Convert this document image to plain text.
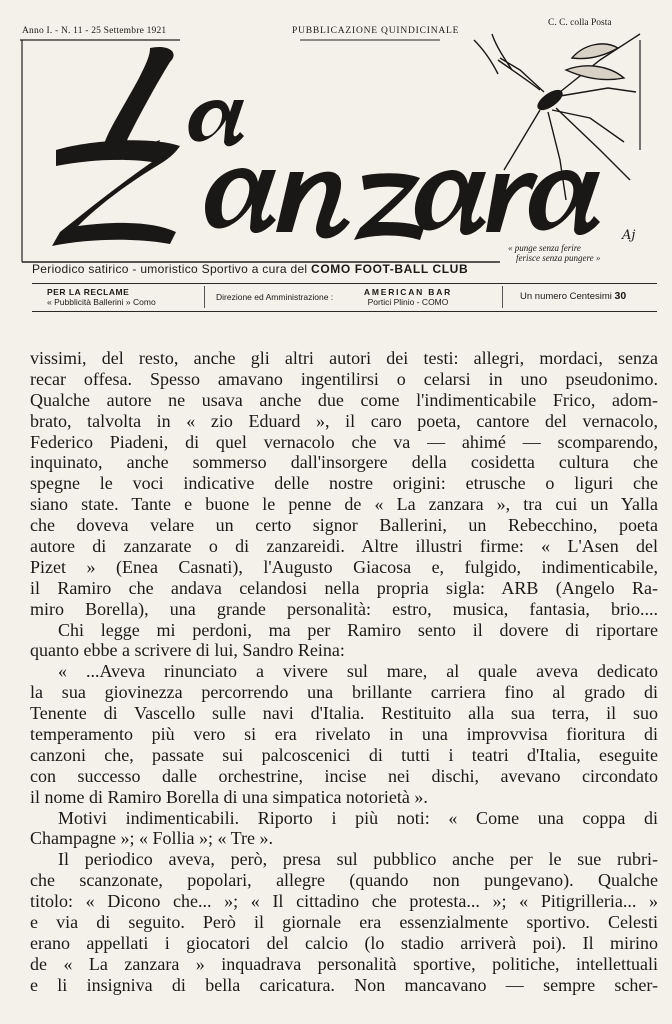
Anno I. - N. 11 - 25 Settembre 1921	PUBBLICAZIONE QUINDICINALE
C. C. colla Posta
Aj
« punge senza ferire
ferisce senza pungere »
Periodico satirico - umoristico Sportivo a cura del COMO FOOT-BALL CLUB
PER LA RECLAME
« Pubblicità Ballerini » Como	Direzione ed Amministrazione :	AMERICAN BAR
Portici Plinio - COMO	Un numero Centesimi 30

vissimi, del resto, anche gli altri autori dei testi: allegri, mordaci, senza
recar offesa. Spesso amavano ingentilirsi o celarsi in uno pseudonimo.
Qualche autore ne usava anche due come l'indimenticabile Frico, adom-
brato, talvolta in « zio Eduard », il caro poeta, cantore del vernacolo,
Federico Piadeni, di quel vernacolo che va — ahimé — scomparendo,
inquinato, anche sommerso dall'insorgere della cosidetta cultura che
spegne le voci indicative delle nostre origini: etrusche o liguri che
siano state. Tante e buone le penne de « La zanzara », tra cui un Yalla
che doveva velare un certo signor Ballerini, un Rebecchino, poeta
autore di zanzarate o di zanzareidi. Altre illustri firme: « L'Asen del
Pizet » (Enea Casnati), l'Augusto Giacosa e, fulgido, indimenticabile,
il Ramiro che andava celandosi nella propria sigla: ARB (Angelo Ra-
miro Borella), una grande personalità: estro, musica, fantasia, brio....

Chi legge mi perdoni, ma per Ramiro sento il dovere di riportare
quanto ebbe a scrivere di lui, Sandro Reina:

« ...Aveva rinunciato a vivere sul mare, al quale aveva dedicato
la sua giovinezza percorrendo una brillante carriera fino al grado di
Tenente di Vascello sulle navi d'Italia. Restituito alla sua terra, il suo
temperamento più vero si era rivelato in una improvvisa fioritura di
canzoni che, passate sui palcoscenici di tutti i teatri d'Italia, eseguite
con successo dalle orchestrine, incise nei dischi, avevano circondato
il nome di Ramiro Borella di una simpatica notorietà ».

Motivi indimenticabili. Riporto i più noti: « Come una coppa di
Champagne »; « Follia »; « Tre ».

Il periodico aveva, però, presa sul pubblico anche per le sue rubri-
che scanzonate, popolari, allegre (quando non pungevano). Qualche
titolo: « Dicono che... »; « Il cittadino che protesta... »; « Pitigrilleria... »
e via di seguito. Però il giornale era essenzialmente sportivo. Celesti
erano appellati i giocatori del calcio (lo stadio arriverà poi). Il mirino
de « La zanzara » inquadrava personalità sportive, politiche, intellettuali
e li insigniva di bella caricatura. Non mancavano — sempre scher-
